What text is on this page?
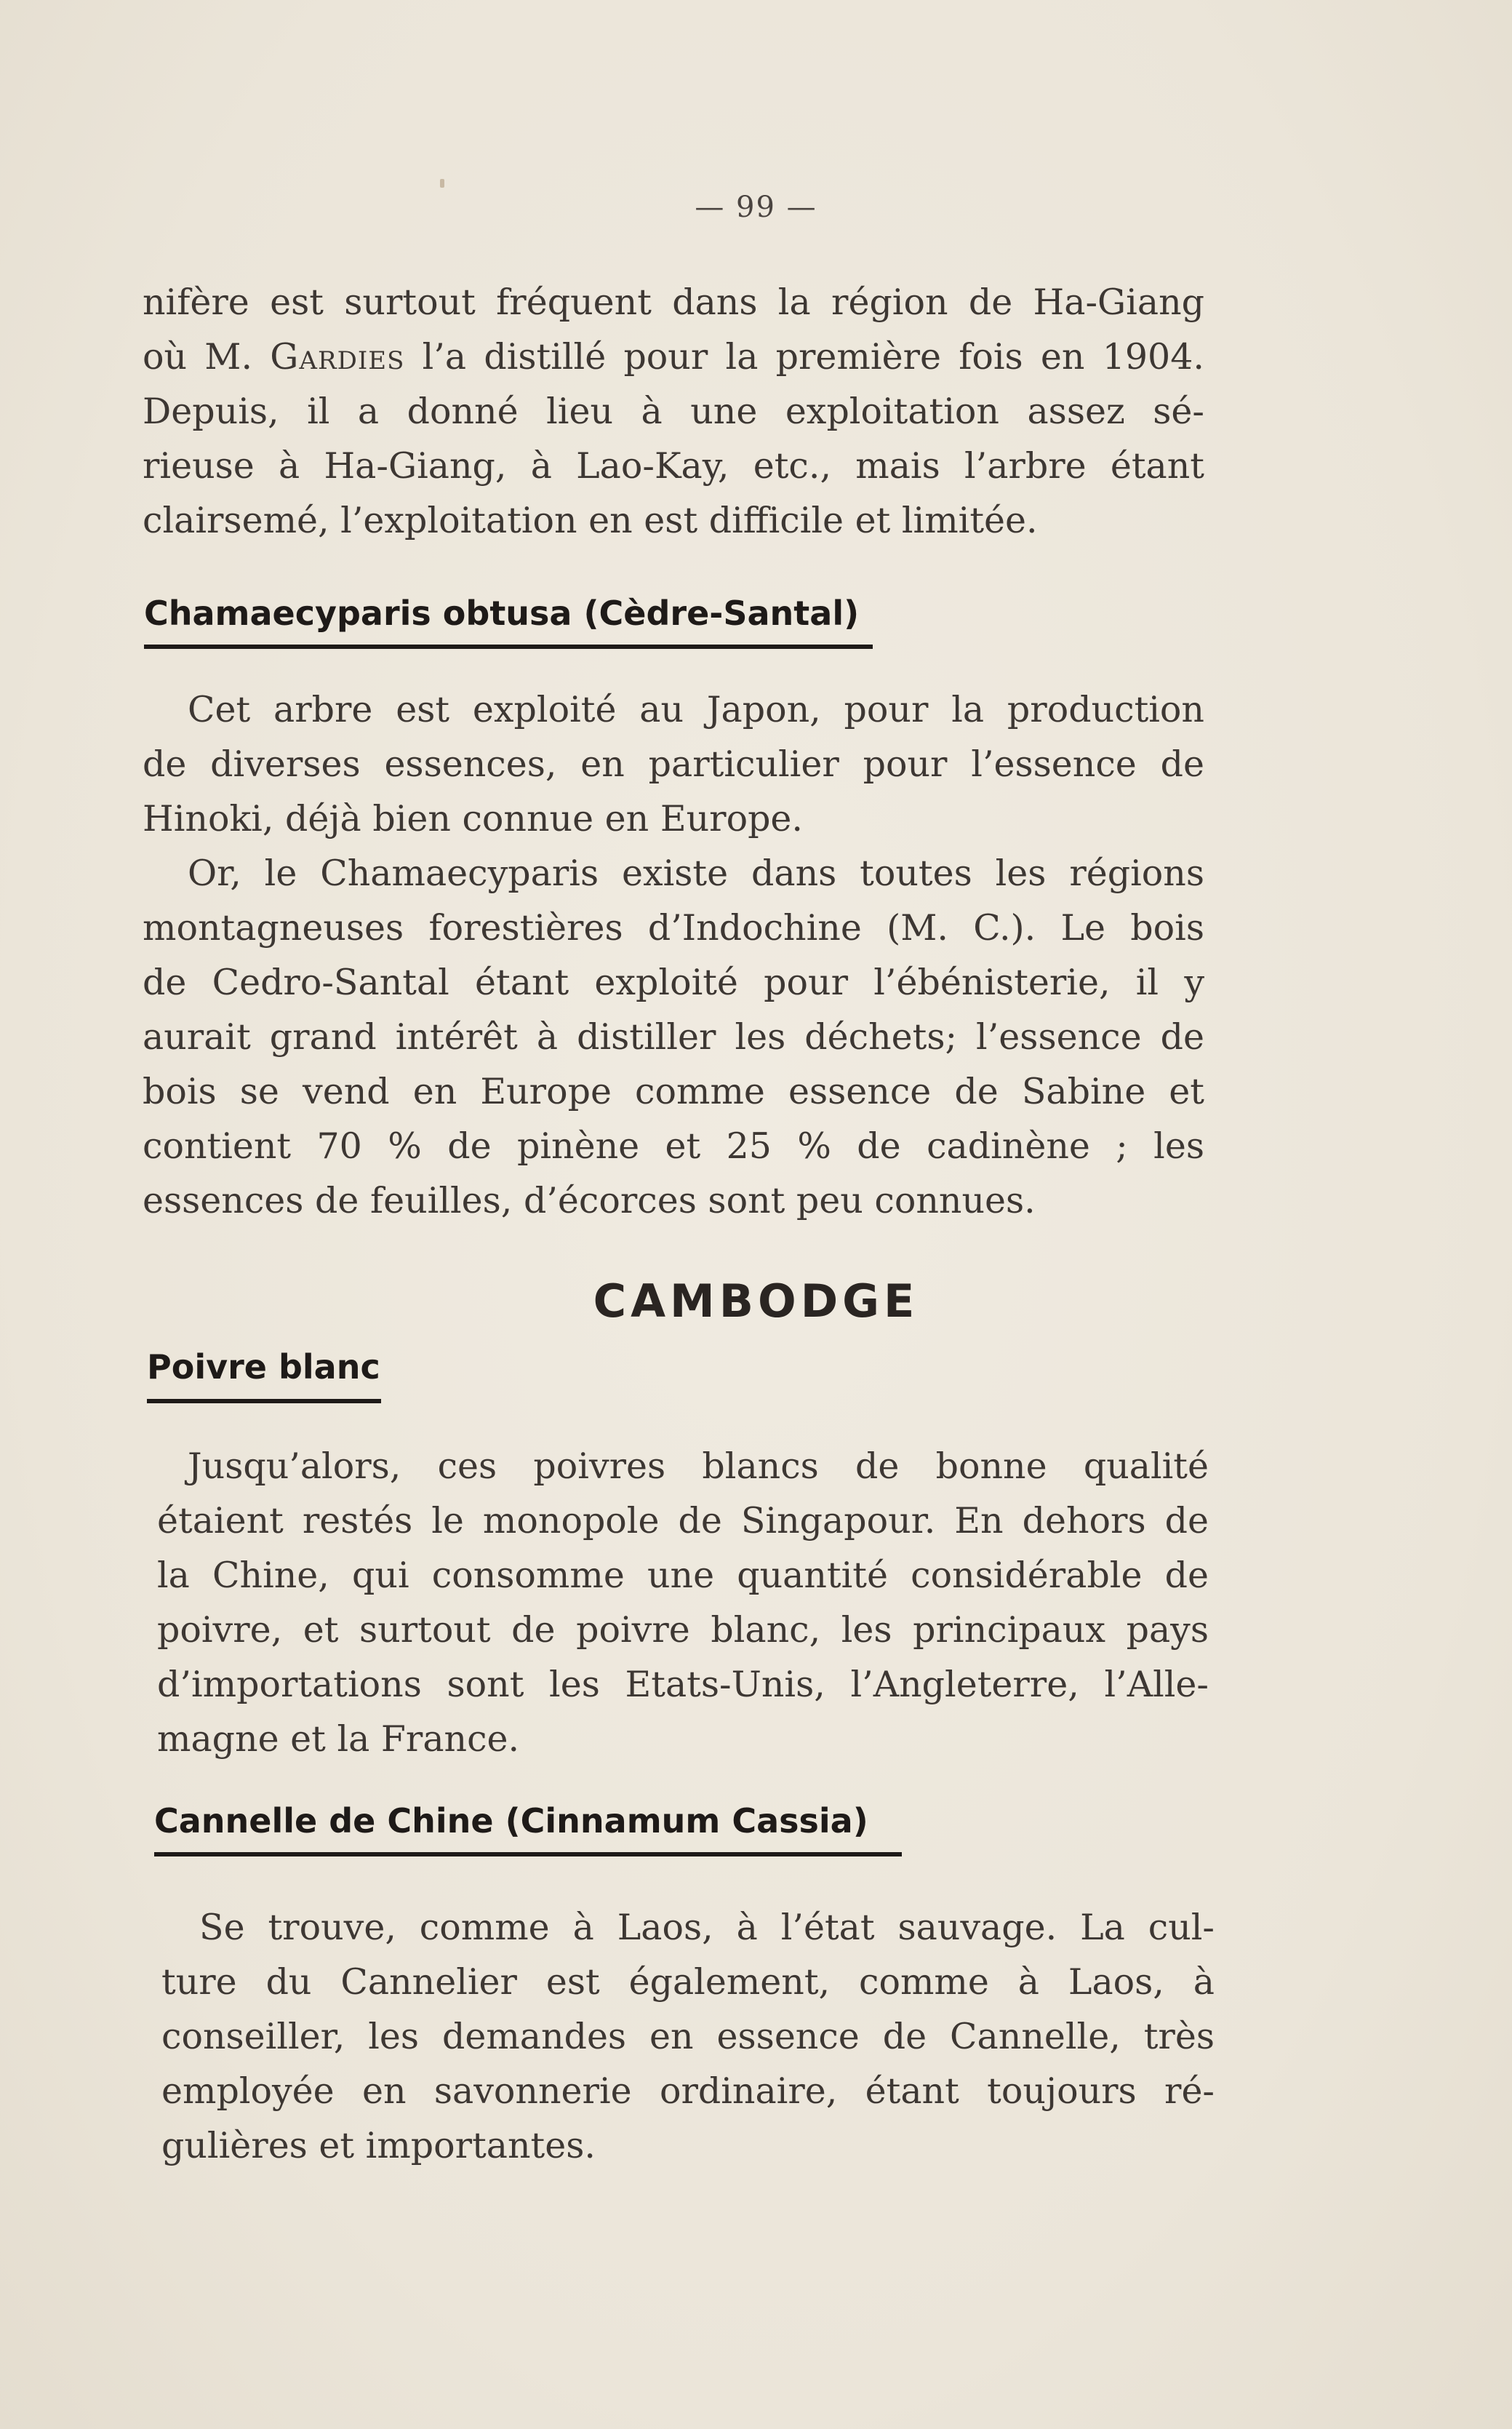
— 99 —

nifère est surtout fréquent dans la région de Ha-Giang
où M. Gardies l’a distillé pour la première fois en 1904.
Depuis, il a donné lieu à une exploitation assez sé-
rieuse à Ha-Giang, à Lao-Kay, etc., mais l’arbre étant
clairsemé, l’exploitation en est difficile et limitée.

Chamaecyparis obtusa (Cèdre-Santal)

Cet arbre est exploité au Japon, pour la production
de diverses essences, en particulier pour l’essence de
Hinoki, déjà bien connue en Europe.
Or, le Chamaecyparis existe dans toutes les régions
montagneuses forestières d’Indochine (M. C.). Le bois
de Cedro-Santal étant exploité pour l’ébénisterie, il y
aurait grand intérêt à distiller les déchets; l’essence de
bois se vend en Europe comme essence de Sabine et
contient 70 % de pinène et 25 % de cadinène ; les
essences de feuilles, d’écorces sont peu connues.

CAMBODGE
Poivre blanc

Jusqu’alors, ces poivres blancs de bonne qualité
étaient restés le monopole de Singapour. En dehors de
la Chine, qui consomme une quantité considérable de
poivre, et surtout de poivre blanc, les principaux pays
d’importations sont les Etats-Unis, l’Angleterre, l’Alle-
magne et la France.

Cannelle de Chine (Cinnamum Cassia)

Se trouve, comme à Laos, à l’état sauvage. La cul-
ture du Cannelier est également, comme à Laos, à
conseiller, les demandes en essence de Cannelle, très
employée en savonnerie ordinaire, étant toujours ré-
gulières et importantes.
